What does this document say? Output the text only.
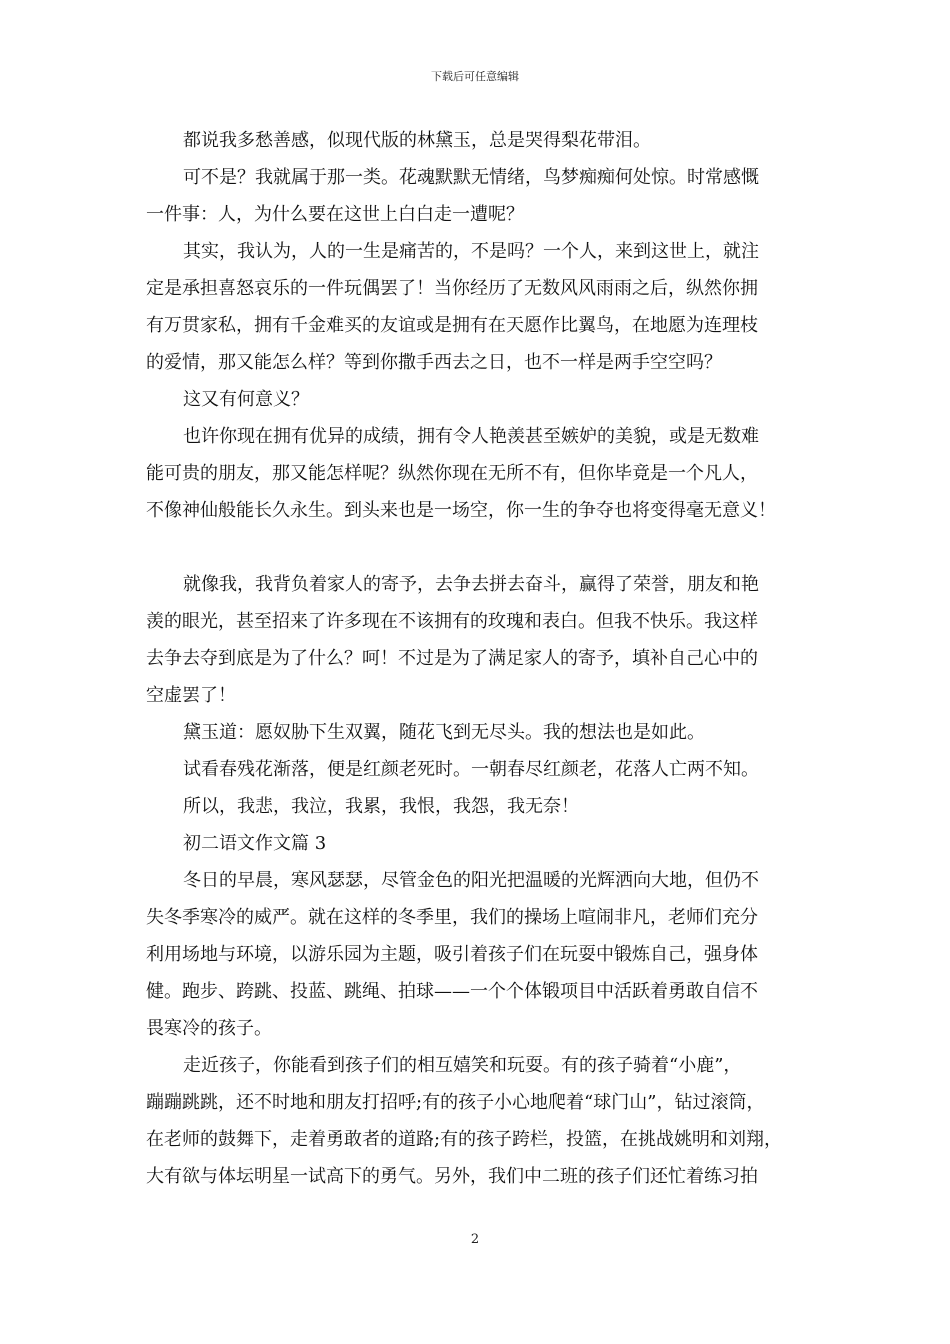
下载后可任意编辑

都说我多愁善感，似现代版的林黛玉，总是哭得梨花带泪。

可不是？我就属于那一类。花魂默默无情绪，鸟梦痴痴何处惊。时常感慨

一件事：人，为什么要在这世上白白走一遭呢？

其实，我认为，人的一生是痛苦的，不是吗？一个人，来到这世上，就注

定是承担喜怒哀乐的一件玩偶罢了！当你经历了无数风风雨雨之后，纵然你拥

有万贯家私，拥有千金难买的友谊或是拥有在天愿作比翼鸟，在地愿为连理枝

的爱情，那又能怎么样？等到你撒手西去之日，也不一样是两手空空吗？

这又有何意义？

也许你现在拥有优异的成绩，拥有令人艳羡甚至嫉妒的美貌，或是无数难

能可贵的朋友，那又能怎样呢？纵然你现在无所不有，但你毕竟是一个凡人，

不像神仙般能长久永生。到头来也是一场空，你一生的争夺也将变得毫无意义！

就像我，我背负着家人的寄予，去争去拼去奋斗，赢得了荣誉，朋友和艳

羡的眼光，甚至招来了许多现在不该拥有的玫瑰和表白。但我不快乐。我这样

去争去夺到底是为了什么？呵！不过是为了满足家人的寄予，填补自己心中的

空虚罢了！

黛玉道：愿奴胁下生双翼，随花飞到无尽头。我的想法也是如此。

试看春残花渐落，便是红颜老死时。一朝春尽红颜老，花落人亡两不知。

所以，我悲，我泣，我累，我恨，我怨，我无奈！

初二语文作文篇 3

冬日的早晨，寒风瑟瑟，尽管金色的阳光把温暖的光辉洒向大地，但仍不

失冬季寒冷的威严。就在这样的冬季里，我们的操场上喧闹非凡，老师们充分

利用场地与环境，以游乐园为主题，吸引着孩子们在玩耍中锻炼自己，强身体

健。跑步、跨跳、投蓝、跳绳、拍球——一个个体锻项目中活跃着勇敢自信不

畏寒冷的孩子。

走近孩子，你能看到孩子们的相互嬉笑和玩耍。有的孩子骑着“小鹿”，

蹦蹦跳跳，还不时地和朋友打招呼;有的孩子小心地爬着“球门山”，钻过滚筒，

在老师的鼓舞下，走着勇敢者的道路;有的孩子跨栏，投篮，在挑战姚明和刘翔，

大有欲与体坛明星一试高下的勇气。另外，我们中二班的孩子们还忙着练习拍

2
